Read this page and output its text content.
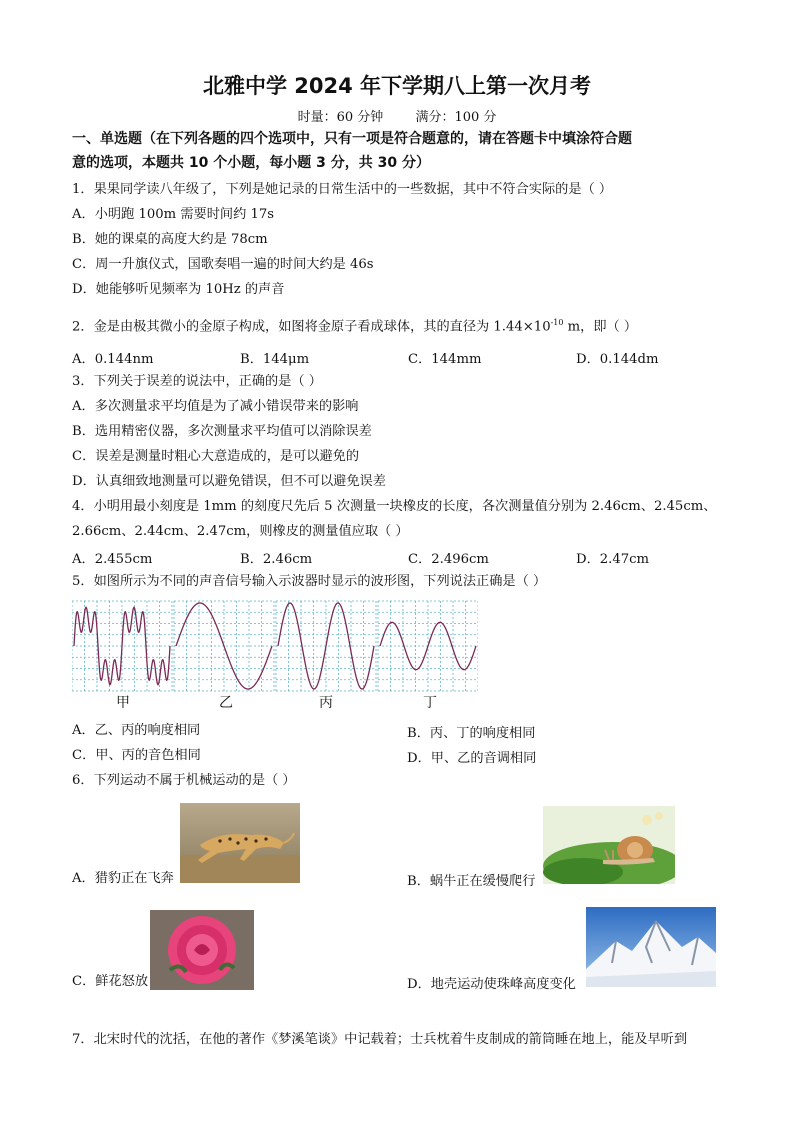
北雅中学 2024 年下学期八上第一次月考
时量：60 分钟 满分：100 分
一、单选题（在下列各题的四个选项中，只有一项是符合题意的，请在答题卡中填涂符合题
意的选项，本题共 10 个小题，每小题 3 分，共 30 分）
1．果果同学读八年级了，下列是她记录的日常生活中的一些数据，其中不符合实际的是（ ）
A．小明跑 100m 需要时间约 17s
B．她的课桌的高度大约是 78cm
C．周一升旗仪式，国歌奏唱一遍的时间大约是 46s
D．她能够听见频率为 10Hz 的声音
2．金是由极其微小的金原子构成，如图将金原子看成球体，其的直径为 $1.44\times 10^{-10}$ m，即（ ）
A．0.144nm	B．144μm	C．144mm	D．0.144dm
3．下列关于误差的说法中，正确的是（ ）
A．多次测量求平均值是为了减小错误带来的影响
B．选用精密仪器，多次测量求平均值可以消除误差
C．误差是测量时粗心大意造成的，是可以避免的
D．认真细致地测量可以避免错误，但不可以避免误差
4．小明用最小刻度是 1mm 的刻度尺先后 5 次测量一块橡皮的长度，各次测量值分别为 2.46cm、2.45cm、
2.66cm、2.44cm、2.47cm，则橡皮的测量值应取（ ）
A．2.455cm	B．2.46cm	C．2.496cm	D．2.47cm
5．如图所示为不同的声音信号输入示波器时显示的波形图，下列说法正确是（ ）
甲	乙	丙	丁
A．乙、丙的响度相同	B．丙、丁的响度相同
C．甲、丙的音色相同	D．甲、乙的音调相同
6．下列运动不属于机械运动的是（ ）
A．猎豹正在飞奔	B．蜗牛正在缓慢爬行
C．鲜花怒放	D．地壳运动使珠峰高度变化
7．北宋时代的沈括，在他的著作《梦溪笔谈》中记载着；士兵枕着牛皮制成的箭筒睡在地上，能及早听到
